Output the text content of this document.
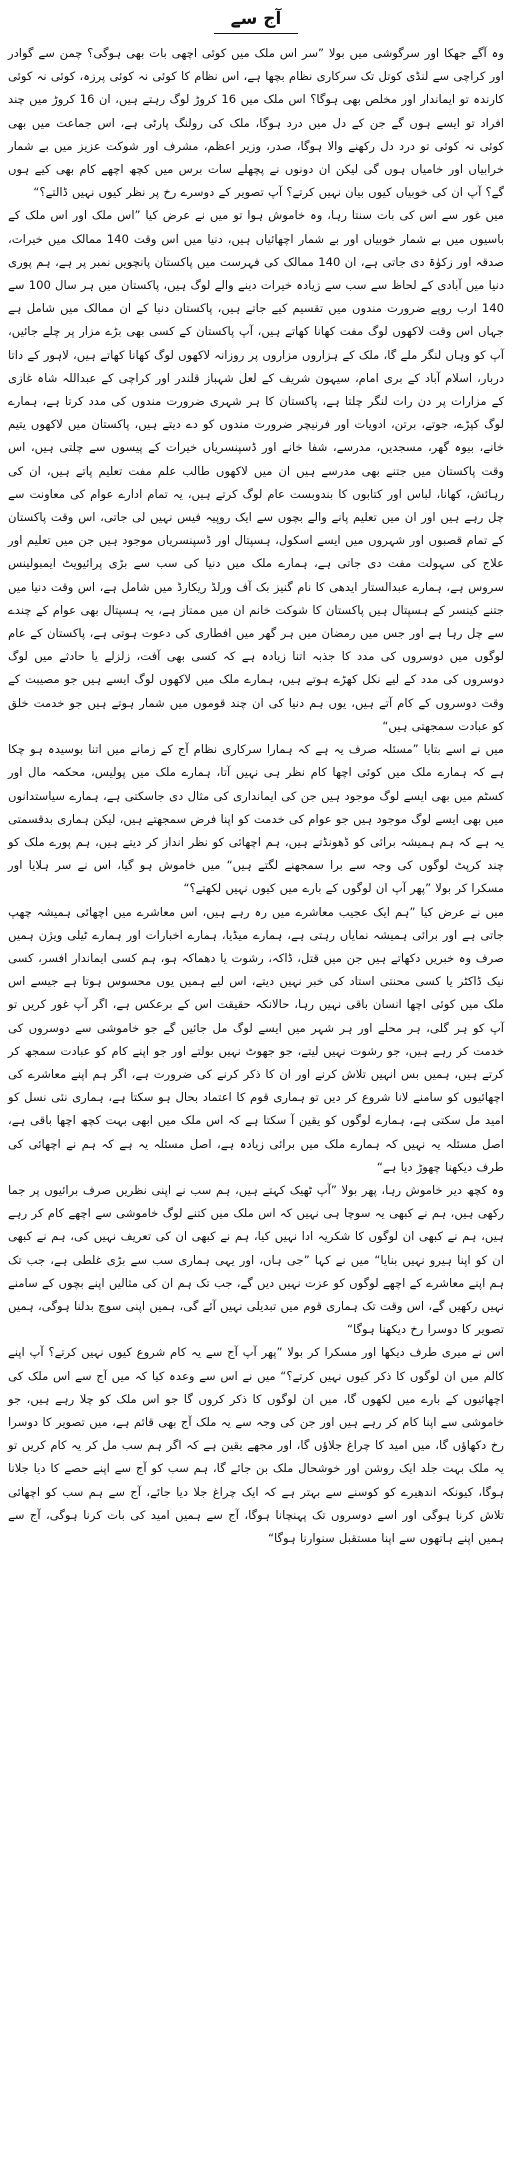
آج سے

وہ آگے جھکا اور سرگوشی میں بولا ”سر اس ملک میں کوئی اچھی بات بھی ہوگی؟ چمن سے گوادر اور کراچی سے لنڈی کوتل تک سرکاری نظام بچھا ہے، اس نظام کا کوئی نہ کوئی پرزہ، کوئی نہ کوئی کارندہ تو ایماندار اور مخلص بھی ہوگا؟ اس ملک میں 16 کروڑ لوگ رہتے ہیں، ان 16 کروڑ میں چند افراد تو ایسے ہوں گے جن کے دل میں درد ہوگا، ملک کی رولنگ پارٹی ہے، اس جماعت میں بھی کوئی نہ کوئی تو درد دل رکھنے والا ہوگا، صدر، وزیر اعظم، مشرف اور شوکت عزیز میں بے شمار خرابیاں اور خامیاں ہوں گی لیکن ان دونوں نے پچھلے سات برس میں کچھ اچھے کام بھی کیے ہوں گے؟ آپ ان کی خوبیاں کیوں بیان نہیں کرتے؟ آپ تصویر کے دوسرے رخ پر نظر کیوں نہیں ڈالتے؟“

میں غور سے اس کی بات سنتا رہا، وہ خاموش ہوا تو میں نے عرض کیا ”اس ملک اور اس ملک کے باسیوں میں بے شمار خوبیاں اور بے شمار اچھائیاں ہیں، دنیا میں اس وقت 140 ممالک میں خیرات، صدقہ اور زکوٰۃ دی جاتی ہے، ان 140 ممالک کی فہرست میں پاکستان پانچویں نمبر پر ہے، ہم پوری دنیا میں آبادی کے لحاظ سے سب سے زیادہ خیرات دینے والے لوگ ہیں، پاکستان میں ہر سال 100 سے 140 ارب روپے ضرورت مندوں میں تقسیم کیے جاتے ہیں، پاکستان دنیا کے ان ممالک میں شامل ہے جہاں اس وقت لاکھوں لوگ مفت کھانا کھاتے ہیں، آپ پاکستان کے کسی بھی بڑے مزار پر چلے جائیں، آپ کو وہاں لنگر ملے گا، ملک کے ہزاروں مزاروں پر روزانہ لاکھوں لوگ کھانا کھاتے ہیں، لاہور کے داتا دربار، اسلام آباد کے بری امام، سیہون شریف کے لعل شہباز قلندر اور کراچی کے عبداللہ شاہ غازی کے مزارات پر دن رات لنگر چلتا ہے، پاکستان کا ہر شہری ضرورت مندوں کی مدد کرتا ہے، ہمارے لوگ کپڑے، جوتے، برتن، ادویات اور فرنیچر ضرورت مندوں کو دے دیتے ہیں، پاکستان میں لاکھوں یتیم خانے، بیوہ گھر، مسجدیں، مدرسے، شفا خانے اور ڈسپنسریاں خیرات کے پیسوں سے چلتی ہیں، اس وقت پاکستان میں جتنے بھی مدرسے ہیں ان میں لاکھوں طالب علم مفت تعلیم پاتے ہیں، ان کی رہائش، کھانا، لباس اور کتابوں کا بندوبست عام لوگ کرتے ہیں، یہ تمام ادارے عوام کی معاونت سے چل رہے ہیں اور ان میں تعلیم پانے والے بچوں سے ایک روپیہ فیس نہیں لی جاتی، اس وقت پاکستان کے تمام قصبوں اور شہروں میں ایسے اسکول، ہسپتال اور ڈسپنسریاں موجود ہیں جن میں تعلیم اور علاج کی سہولت مفت دی جاتی ہے، ہمارے ملک میں دنیا کی سب سے بڑی پرائیویٹ ایمبولینس سروس ہے، ہمارے عبدالستار ایدھی کا نام گنیز بک آف ورلڈ ریکارڈ میں شامل ہے، اس وقت دنیا میں جتنے کینسر کے ہسپتال ہیں پاکستان کا شوکت خانم ان میں ممتاز ہے، یہ ہسپتال بھی عوام کے چندے سے چل رہا ہے اور جس میں رمضان میں ہر گھر میں افطاری کی دعوت ہوتی ہے، پاکستان کے عام لوگوں میں دوسروں کی مدد کا جذبہ اتنا زیادہ ہے کہ کسی بھی آفت، زلزلے یا حادثے میں لوگ دوسروں کی مدد کے لیے نکل کھڑے ہوتے ہیں، ہمارے ملک میں لاکھوں لوگ ایسے ہیں جو مصیبت کے وقت دوسروں کے کام آتے ہیں، یوں ہم دنیا کی ان چند قوموں میں شمار ہوتے ہیں جو خدمت خلق کو عبادت سمجھتی ہیں“

میں نے اسے بتایا ”مسئلہ صرف یہ ہے کہ ہمارا سرکاری نظام آج کے زمانے میں اتنا بوسیدہ ہو چکا ہے کہ ہمارے ملک میں کوئی اچھا کام نظر ہی نہیں آتا، ہمارے ملک میں پولیس، محکمہ مال اور کسٹم میں بھی ایسے لوگ موجود ہیں جن کی ایمانداری کی مثال دی جاسکتی ہے، ہمارے سیاستدانوں میں بھی ایسے لوگ موجود ہیں جو عوام کی خدمت کو اپنا فرض سمجھتے ہیں، لیکن ہماری بدقسمتی یہ ہے کہ ہم ہمیشہ برائی کو ڈھونڈتے ہیں، ہم اچھائی کو نظر انداز کر دیتے ہیں، ہم پورے ملک کو چند کرپٹ لوگوں کی وجہ سے برا سمجھنے لگتے ہیں“ میں خاموش ہو گیا، اس نے سر ہلایا اور مسکرا کر بولا ”پھر آپ ان لوگوں کے بارے میں کیوں نہیں لکھتے؟“

میں نے عرض کیا ”ہم ایک عجیب معاشرے میں رہ رہے ہیں، اس معاشرے میں اچھائی ہمیشہ چھپ جاتی ہے اور برائی ہمیشہ نمایاں رہتی ہے، ہمارے میڈیا، ہمارے اخبارات اور ہمارے ٹیلی ویژن ہمیں صرف وہ خبریں دکھاتے ہیں جن میں قتل، ڈاکہ، رشوت یا دھماکہ ہو، ہم کسی ایماندار افسر، کسی نیک ڈاکٹر یا کسی محنتی استاد کی خبر نہیں دیتے، اس لیے ہمیں یوں محسوس ہوتا ہے جیسے اس ملک میں کوئی اچھا انسان باقی نہیں رہا، حالانکہ حقیقت اس کے برعکس ہے، اگر آپ غور کریں تو آپ کو ہر گلی، ہر محلے اور ہر شہر میں ایسے لوگ مل جائیں گے جو خاموشی سے دوسروں کی خدمت کر رہے ہیں، جو رشوت نہیں لیتے، جو جھوٹ نہیں بولتے اور جو اپنے کام کو عبادت سمجھ کر کرتے ہیں، ہمیں بس انہیں تلاش کرنے اور ان کا ذکر کرنے کی ضرورت ہے، اگر ہم اپنے معاشرے کی اچھائیوں کو سامنے لانا شروع کر دیں تو ہماری قوم کا اعتماد بحال ہو سکتا ہے، ہماری نئی نسل کو امید مل سکتی ہے، ہمارے لوگوں کو یقین آ سکتا ہے کہ اس ملک میں ابھی بہت کچھ اچھا باقی ہے، اصل مسئلہ یہ نہیں کہ ہمارے ملک میں برائی زیادہ ہے، اصل مسئلہ یہ ہے کہ ہم نے اچھائی کی طرف دیکھنا چھوڑ دیا ہے“

وہ کچھ دیر خاموش رہا، پھر بولا ”آپ ٹھیک کہتے ہیں، ہم سب نے اپنی نظریں صرف برائیوں پر جما رکھی ہیں، ہم نے کبھی یہ سوچا ہی نہیں کہ اس ملک میں کتنے لوگ خاموشی سے اچھے کام کر رہے ہیں، ہم نے کبھی ان لوگوں کا شکریہ ادا نہیں کیا، ہم نے کبھی ان کی تعریف نہیں کی، ہم نے کبھی ان کو اپنا ہیرو نہیں بنایا“ میں نے کہا ”جی ہاں، اور یہی ہماری سب سے بڑی غلطی ہے، جب تک ہم اپنے معاشرے کے اچھے لوگوں کو عزت نہیں دیں گے، جب تک ہم ان کی مثالیں اپنے بچوں کے سامنے نہیں رکھیں گے، اس وقت تک ہماری قوم میں تبدیلی نہیں آئے گی، ہمیں اپنی سوچ بدلنا ہوگی، ہمیں تصویر کا دوسرا رخ دیکھنا ہوگا“

اس نے میری طرف دیکھا اور مسکرا کر بولا ”پھر آپ آج سے یہ کام شروع کیوں نہیں کرتے؟ آپ اپنے کالم میں ان لوگوں کا ذکر کیوں نہیں کرتے؟“ میں نے اس سے وعدہ کیا کہ میں آج سے اس ملک کی اچھائیوں کے بارے میں لکھوں گا، میں ان لوگوں کا ذکر کروں گا جو اس ملک کو چلا رہے ہیں، جو خاموشی سے اپنا کام کر رہے ہیں اور جن کی وجہ سے یہ ملک آج بھی قائم ہے، میں تصویر کا دوسرا رخ دکھاؤں گا، میں امید کا چراغ جلاؤں گا، اور مجھے یقین ہے کہ اگر ہم سب مل کر یہ کام کریں تو یہ ملک بہت جلد ایک روشن اور خوشحال ملک بن جائے گا، ہم سب کو آج سے اپنے حصے کا دیا جلانا ہوگا، کیونکہ اندھیرے کو کوسنے سے بہتر ہے کہ ایک چراغ جلا دیا جائے، آج سے ہم سب کو اچھائی تلاش کرنا ہوگی اور اسے دوسروں تک پہنچانا ہوگا، آج سے ہمیں امید کی بات کرنا ہوگی، آج سے ہمیں اپنے ہاتھوں سے اپنا مستقبل سنوارنا ہوگا“
